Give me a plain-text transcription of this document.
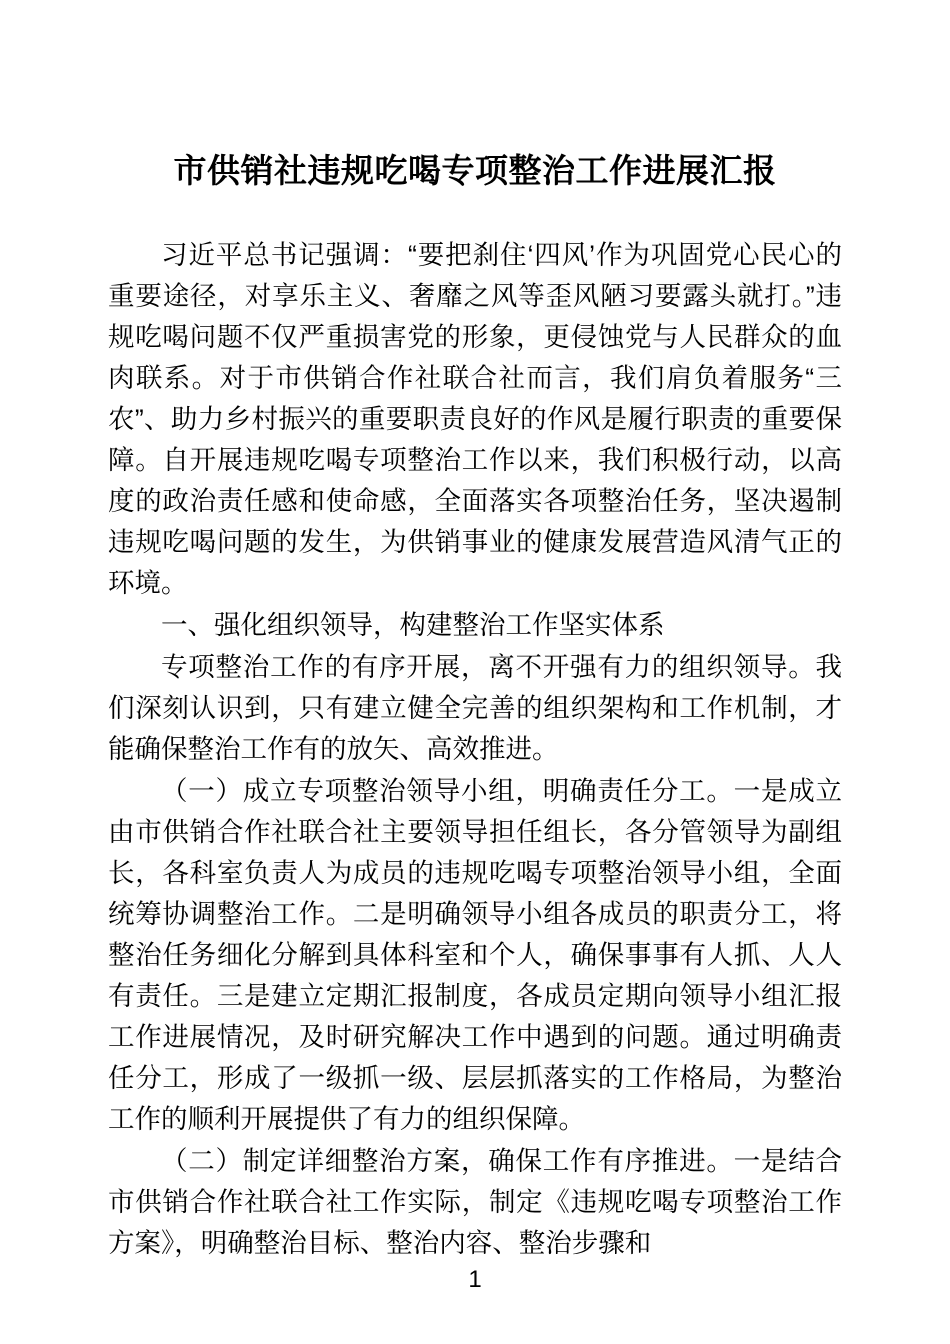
市供销社违规吃喝专项整治工作进展汇报

习近平总书记强调：“要把刹住‘四风’作为巩固党心民心的重要途径，对享乐主义、奢靡之风等歪风陋习要露头就打。”违规吃喝问题不仅严重损害党的形象，更侵蚀党与人民群众的血肉联系。对于市供销合作社联合社而言，我们肩负着服务“三农”、助力乡村振兴的重要职责良好的作风是履行职责的重要保障。自开展违规吃喝专项整治工作以来，我们积极行动，以高度的政治责任感和使命感，全面落实各项整治任务，坚决遏制违规吃喝问题的发生，为供销事业的健康发展营造风清气正的环境。

一、强化组织领导，构建整治工作坚实体系

专项整治工作的有序开展，离不开强有力的组织领导。我们深刻认识到，只有建立健全完善的组织架构和工作机制，才能确保整治工作有的放矢、高效推进。

（一）成立专项整治领导小组，明确责任分工。一是成立由市供销合作社联合社主要领导担任组长，各分管领导为副组长，各科室负责人为成员的违规吃喝专项整治领导小组，全面统筹协调整治工作。二是明确领导小组各成员的职责分工，将整治任务细化分解到具体科室和个人，确保事事有人抓、人人有责任。三是建立定期汇报制度，各成员定期向领导小组汇报工作进展情况，及时研究解决工作中遇到的问题。通过明确责任分工，形成了一级抓一级、层层抓落实的工作格局，为整治工作的顺利开展提供了有力的组织保障。

（二）制定详细整治方案，确保工作有序推进。一是结合市供销合作社联合社工作实际，制定《违规吃喝专项整治工作方案》，明确整治目标、整治内容、整治步骤和

1
